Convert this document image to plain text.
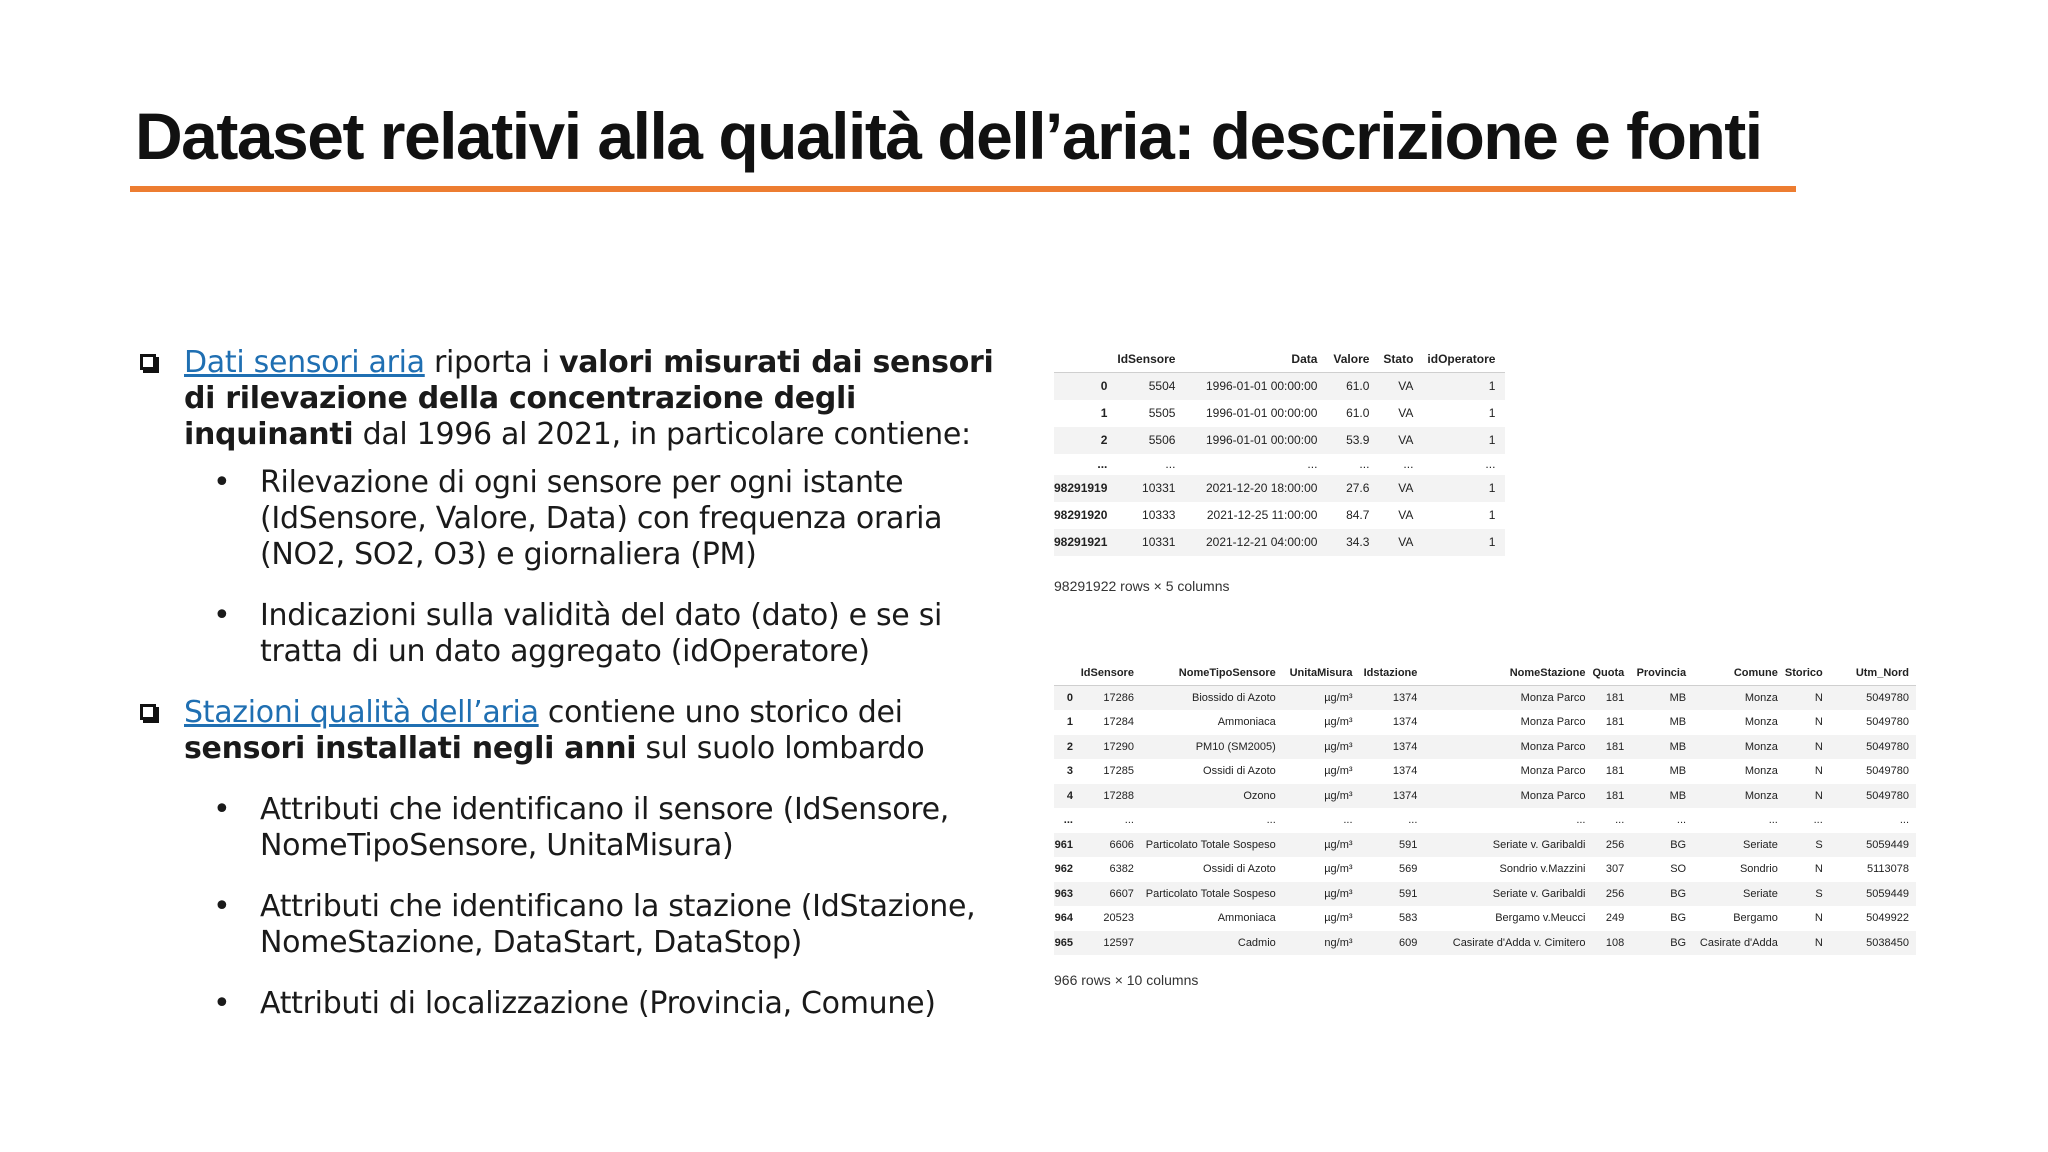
Dataset relativi alla qualità dell’aria: descrizione e fonti
Dati sensori aria riporta i valori misurati dai sensori di rilevazione della concentrazione degli inquinanti dal 1996 al 2021, in particolare contiene:
• Rilevazione di ogni sensore per ogni istante (IdSensore, Valore, Data) con frequenza oraria (NO2, SO2, O3) e giornaliera (PM)
• Indicazioni sulla validità del dato (dato) e se si tratta di un dato aggregato (idOperatore)
Stazioni qualità dell’aria contiene uno storico dei sensori installati negli anni sul suolo lombardo
• Attributi che identificano il sensore (IdSensore, NomeTipoSensore, UnitaMisura)
• Attributi che identificano la stazione (IdStazione, NomeStazione, DataStart, DataStop)
• Attributi di localizzazione (Provincia, Comune)
	IdSensore	Data	Valore	Stato	idOperatore
0	5504	1996-01-01 00:00:00	61.0	VA	1
1	5505	1996-01-01 00:00:00	61.0	VA	1
2	5506	1996-01-01 00:00:00	53.9	VA	1
...	...	...	...	...	...
98291919	10331	2021-12-20 18:00:00	27.6	VA	1
98291920	10333	2021-12-25 11:00:00	84.7	VA	1
98291921	10331	2021-12-21 04:00:00	34.3	VA	1
98291922 rows × 5 columns
	IdSensore	NomeTipoSensore	UnitaMisura	Idstazione	NomeStazione	Quota	Provincia	Comune	Storico	Utm_Nord
0	17286	Biossido di Azoto	µg/m³	1374	Monza Parco	181	MB	Monza	N	5049780
1	17284	Ammoniaca	µg/m³	1374	Monza Parco	181	MB	Monza	N	5049780
2	17290	PM10 (SM2005)	µg/m³	1374	Monza Parco	181	MB	Monza	N	5049780
3	17285	Ossidi di Azoto	µg/m³	1374	Monza Parco	181	MB	Monza	N	5049780
4	17288	Ozono	µg/m³	1374	Monza Parco	181	MB	Monza	N	5049780
...	...	...	...	...	...	...	...	...	...	...
961	6606	Particolato Totale Sospeso	µg/m³	591	Seriate v. Garibaldi	256	BG	Seriate	S	5059449
962	6382	Ossidi di Azoto	µg/m³	569	Sondrio v.Mazzini	307	SO	Sondrio	N	5113078
963	6607	Particolato Totale Sospeso	µg/m³	591	Seriate v. Garibaldi	256	BG	Seriate	S	5059449
964	20523	Ammoniaca	µg/m³	583	Bergamo v.Meucci	249	BG	Bergamo	N	5049922
965	12597	Cadmio	ng/m³	609	Casirate d'Adda v. Cimitero	108	BG	Casirate d'Adda	N	5038450
966 rows × 10 columns
